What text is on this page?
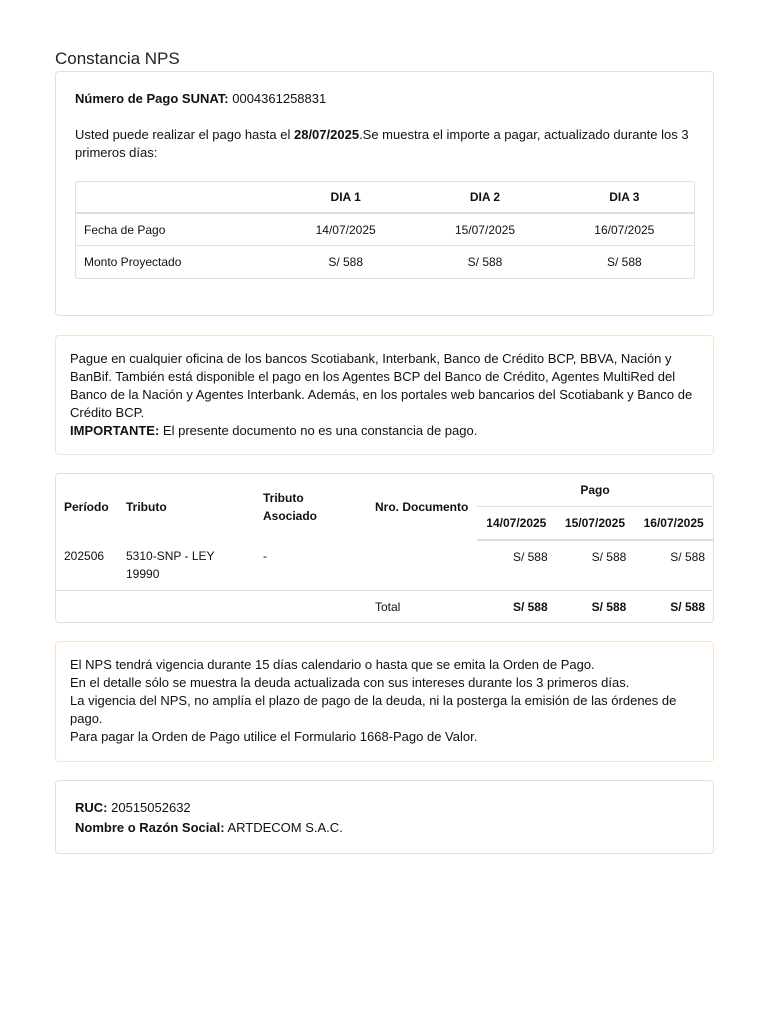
Constancia NPS
Número de Pago SUNAT: 0004361258831
Usted puede realizar el pago hasta el 28/07/2025.Se muestra el importe a pagar, actualizado durante los 3 primeros días:
	DIA 1	DIA 2	DIA 3
Fecha de Pago	14/07/2025	15/07/2025	16/07/2025
Monto Proyectado	S/ 588	S/ 588	S/ 588
Pague en cualquier oficina de los bancos Scotiabank, Interbank, Banco de Crédito BCP, BBVA, Nación y BanBif. También está disponible el pago en los Agentes BCP del Banco de Crédito, Agentes MultiRed del Banco de la Nación y Agentes Interbank. Además, en los portales web bancarios del Scotiabank y Banco de Crédito BCP.
IMPORTANTE: El presente documento no es una constancia de pago.
Período	Tributo	Tributo Asociado	Nro. Documento	Pago		
				14/07/2025	15/07/2025	16/07/2025
202506	5310-SNP - LEY 19990	-		S/ 588	S/ 588	S/ 588
			Total	S/ 588	S/ 588	S/ 588
El NPS tendrá vigencia durante 15 días calendario o hasta que se emita la Orden de Pago.
En el detalle sólo se muestra la deuda actualizada con sus intereses durante los 3 primeros días.
La vigencia del NPS, no amplía el plazo de pago de la deuda, ni la posterga la emisión de las órdenes de pago.
Para pagar la Orden de Pago utilice el Formulario 1668-Pago de Valor.
RUC: 20515052632
Nombre o Razón Social: ARTDECOM S.A.C.
